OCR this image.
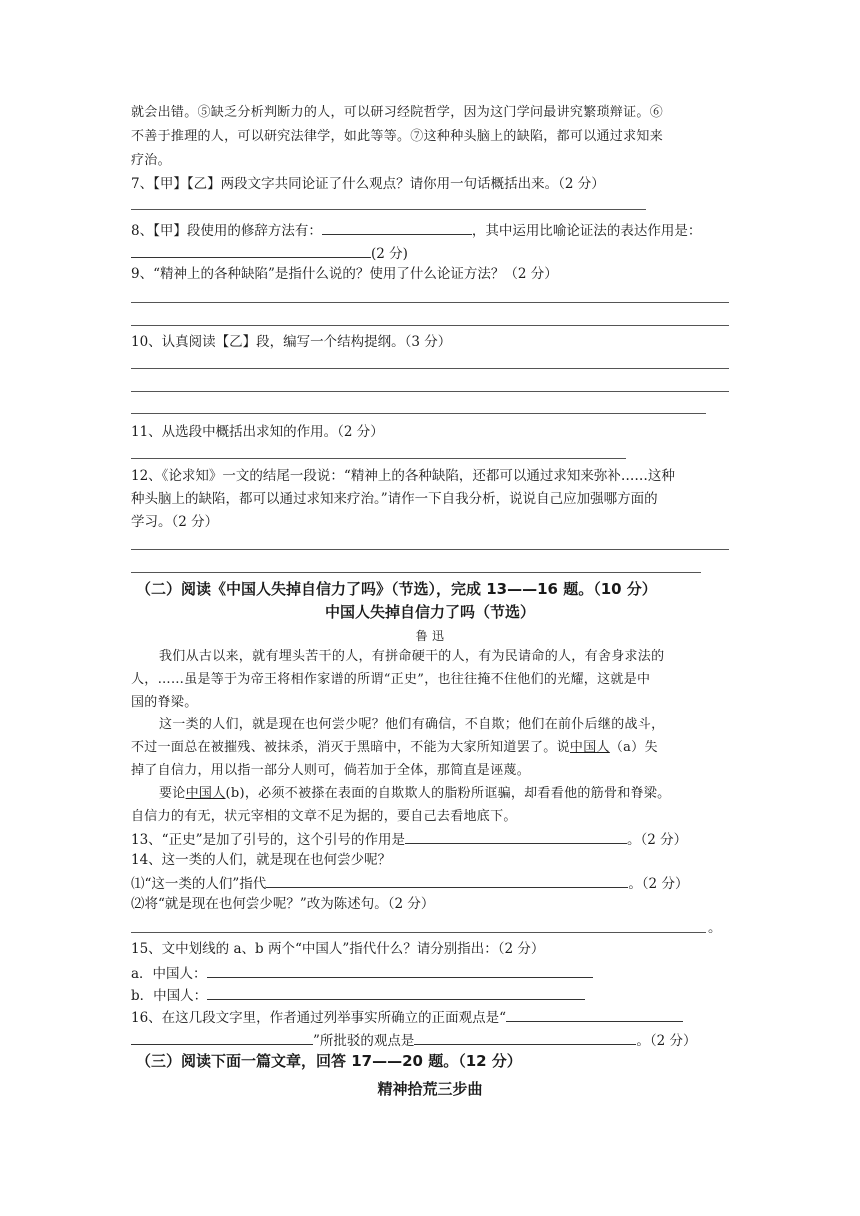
就会出错。⑤缺乏分析判断力的人，可以研习经院哲学，因为这门学问最讲究繁琐辩证。⑥
不善于推理的人，可以研究法律学，如此等等。⑦这种种头脑上的缺陷，都可以通过求知来
疗治。
7、【甲】【乙】两段文字共同论证了什么观点？请你用一句话概括出来。（2 分）
8、【甲】段使用的修辞方法有：	，其中运用比喻论证法的表达作用是：
(2 分)
9、“精神上的各种缺陷”是指什么说的？使用了什么论证方法？（2 分）
10、认真阅读【乙】段，编写一个结构提纲。（3 分）
11、从选段中概括出求知的作用。（2 分）
12、《论求知》一文的结尾一段说：“精神上的各种缺陷，还都可以通过求知来弥补……这种
种头脑上的缺陷，都可以通过求知来疗治。”请作一下自我分析，说说自己应加强哪方面的
学习。（2 分）
（二）阅读《中国人失掉自信力了吗》（节选），完成 13——16 题。（10 分）
中国人失掉自信力了吗（节选）
鲁 迅
我们从古以来，就有埋头苦干的人，有拼命硬干的人，有为民请命的人，有舍身求法的
人，……虽是等于为帝王将相作家谱的所谓“正史”，也往往掩不住他们的光耀，这就是中
国的脊梁。
这一类的人们，就是现在也何尝少呢？他们有确信，不自欺；他们在前仆后继的战斗，
不过一面总在被摧残、被抹杀，消灭于黑暗中，不能为大家所知道罢了。说中国人（a）失
掉了自信力，用以指一部分人则可，倘若加于全体，那简直是诬蔑。
要论中国人(b)，必须不被搽在表面的自欺欺人的脂粉所诓骗，却看看他的筋骨和脊梁。
自信力的有无，状元宰相的文章不足为据的，要自己去看地底下。
13、“正史”是加了引号的，这个引号的作用是	。（2 分）
14、这一类的人们，就是现在也何尝少呢？
⑴“这一类的人们”指代	。（2 分）
⑵将“就是现在也何尝少呢？”改为陈述句。（2 分）
。
15、文中划线的 a、b 两个“中国人”指代什么？请分别指出：（2 分）
a．中国人：
b．中国人：
16、在这几段文字里，作者通过列举事实所确立的正面观点是“
”所批驳的观点是	。（2 分）
（三）阅读下面一篇文章，回答 17——20 题。（12 分）
精神拾荒三步曲
